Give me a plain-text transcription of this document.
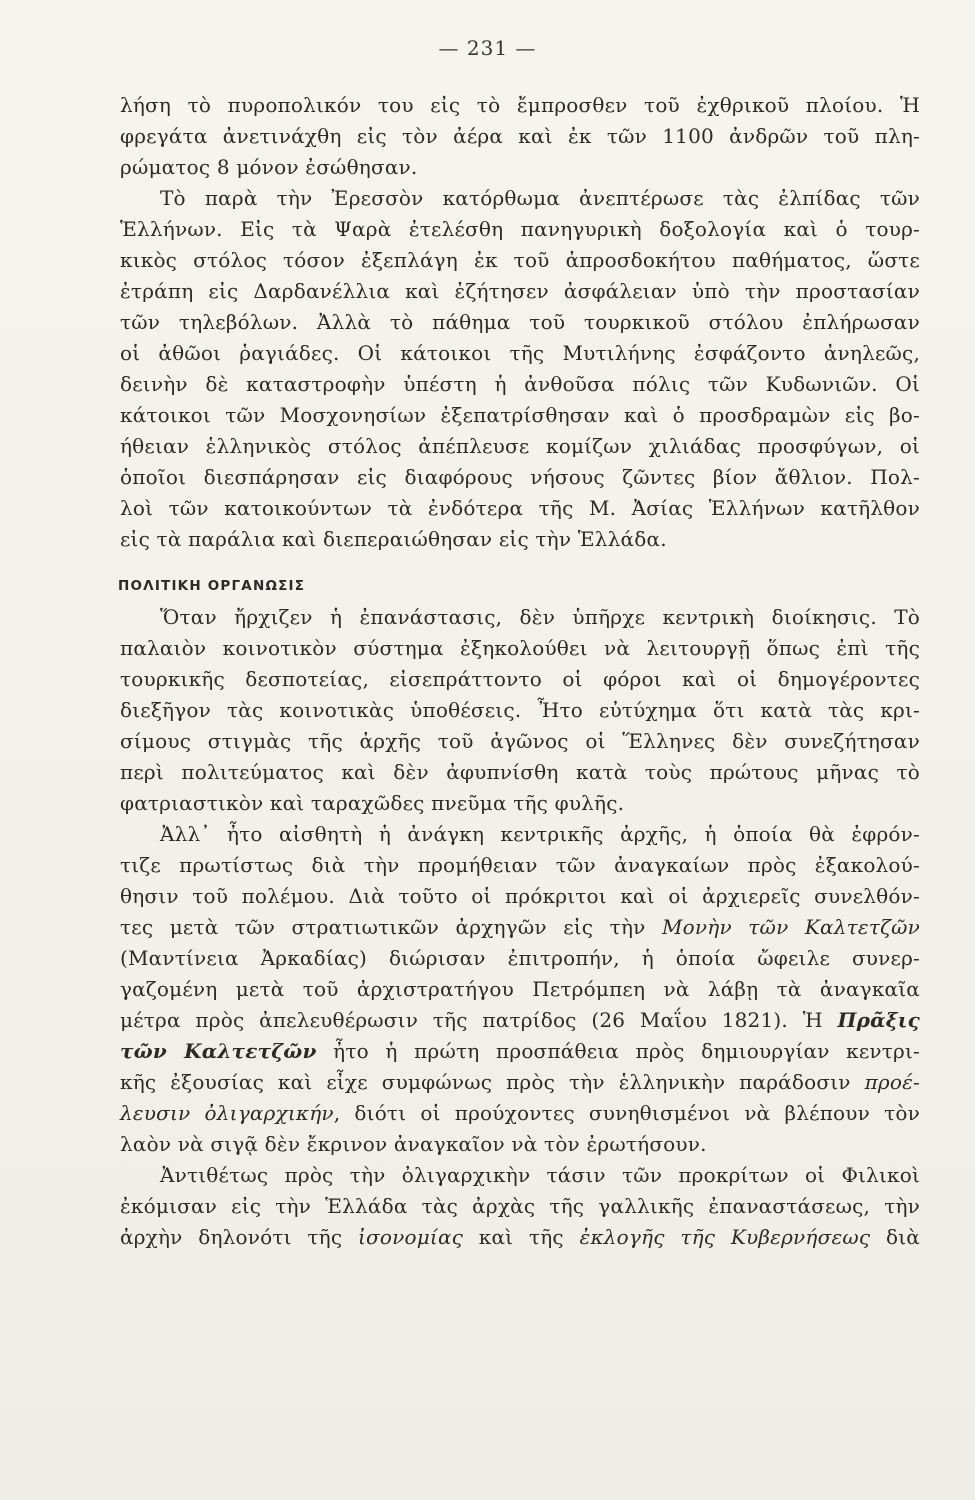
— 231 —
λήση τὸ πυροπολικόν του εἰς τὸ ἔμπροσθεν τοῦ ἐχθρικοῦ πλοίου. Ἡ
φρεγάτα ἀνετινάχθη εἰς τὸν ἀέρα καὶ ἐκ τῶν 1100 ἀνδρῶν τοῦ πλη-
ρώματος 8 μόνον ἐσώθησαν.
Τὸ παρὰ τὴν Ἐρεσσὸν κατόρθωμα ἀνεπτέρωσε τὰς ἐλπίδας τῶν
Ἑλλήνων. Εἰς τὰ Ψαρὰ ἐτελέσθη πανηγυρικὴ δοξολογία καὶ ὁ τουρ-
κικὸς στόλος τόσον ἐξεπλάγη ἐκ τοῦ ἀπροσδοκήτου παθήματος, ὥστε
ἐτράπη εἰς Δαρδανέλλια καὶ ἐζήτησεν ἀσφάλειαν ὑπὸ τὴν προστασίαν
τῶν τηλεβόλων. Ἀλλὰ τὸ πάθημα τοῦ τουρκικοῦ στόλου ἐπλήρωσαν
οἱ ἀθῶοι ῥαγιάδες. Οἱ κάτοικοι τῆς Μυτιλήνης ἐσφάζοντο ἀνηλεῶς,
δεινὴν δὲ καταστροφὴν ὑπέστη ἡ ἀνθοῦσα πόλις τῶν Κυδωνιῶν. Οἱ
κάτοικοι τῶν Μοσχονησίων ἐξεπατρίσθησαν καὶ ὁ προσδραμὼν εἰς βο-
ήθειαν ἑλληνικὸς στόλος ἀπέπλευσε κομίζων χιλιάδας προσφύγων, οἱ
ὁποῖοι διεσπάρησαν εἰς διαφόρους νήσους ζῶντες βίον ἄθλιον. Πολ-
λοὶ τῶν κατοικούντων τὰ ἐνδότερα τῆς Μ. Ἀσίας Ἑλλήνων κατῆλθον
εἰς τὰ παράλια καὶ διεπεραιώθησαν εἰς τὴν Ἑλλάδα.
ΠΟΛΙΤΙΚΗ ΟΡΓΑΝΩΣΙΣ
Ὅταν ἤρχιζεν ἡ ἐπανάστασις, δὲν ὑπῆρχε κεντρικὴ διοίκησις. Τὸ
παλαιὸν κοινοτικὸν σύστημα ἐξηκολούθει νὰ λειτουργῇ ὅπως ἐπὶ τῆς
τουρκικῆς δεσποτείας, εἰσεπράττοντο οἱ φόροι καὶ οἱ δημογέροντες
διεξῆγον τὰς κοινοτικὰς ὑποθέσεις. Ἦτο εὐτύχημα ὅτι κατὰ τὰς κρι-
σίμους στιγμὰς τῆς ἀρχῆς τοῦ ἀγῶνος οἱ Ἕλληνες δὲν συνεζήτησαν
περὶ πολιτεύματος καὶ δὲν ἀφυπνίσθη κατὰ τοὺς πρώτους μῆνας τὸ
φατριαστικὸν καὶ ταραχῶδες πνεῦμα τῆς φυλῆς.
Ἀλλ᾽ ἦτο αἰσθητὴ ἡ ἀνάγκη κεντρικῆς ἀρχῆς, ἡ ὁποία θὰ ἐφρόν-
τιζε πρωτίστως διὰ τὴν προμήθειαν τῶν ἀναγκαίων πρὸς ἐξακολού-
θησιν τοῦ πολέμου. Διὰ τοῦτο οἱ πρόκριτοι καὶ οἱ ἀρχιερεῖς συνελθόν-
τες μετὰ τῶν στρατιωτικῶν ἀρχηγῶν εἰς τὴν Μονὴν τῶν Καλτετζῶν
(Μαντίνεια Ἀρκαδίας) διώρισαν ἐπιτροπήν, ἡ ὁποία ὤφειλε συνερ-
γαζομένη μετὰ τοῦ ἀρχιστρατήγου Πετρόμπεη νὰ λάβῃ τὰ ἀναγκαῖα
μέτρα πρὸς ἀπελευθέρωσιν τῆς πατρίδος (26 Μαΐου 1821). Ἡ Πρᾶξις
τῶν Καλτετζῶν ἦτο ἡ πρώτη προσπάθεια πρὸς δημιουργίαν κεντρι-
κῆς ἐξουσίας καὶ εἶχε συμφώνως πρὸς τὴν ἑλληνικὴν παράδοσιν προέ-
λευσιν ὀλιγαρχικήν, διότι οἱ προύχοντες συνηθισμένοι νὰ βλέπουν τὸν
λαὸν νὰ σιγᾷ δὲν ἔκρινον ἀναγκαῖον νὰ τὸν ἐρωτήσουν.
Ἀντιθέτως πρὸς τὴν ὀλιγαρχικὴν τάσιν τῶν προκρίτων οἱ Φιλικοὶ
ἐκόμισαν εἰς τὴν Ἑλλάδα τὰς ἀρχὰς τῆς γαλλικῆς ἐπαναστάσεως, τὴν
ἀρχὴν δηλονότι τῆς ἰσονομίας καὶ τῆς ἐκλογῆς τῆς Κυβερνήσεως διὰ
